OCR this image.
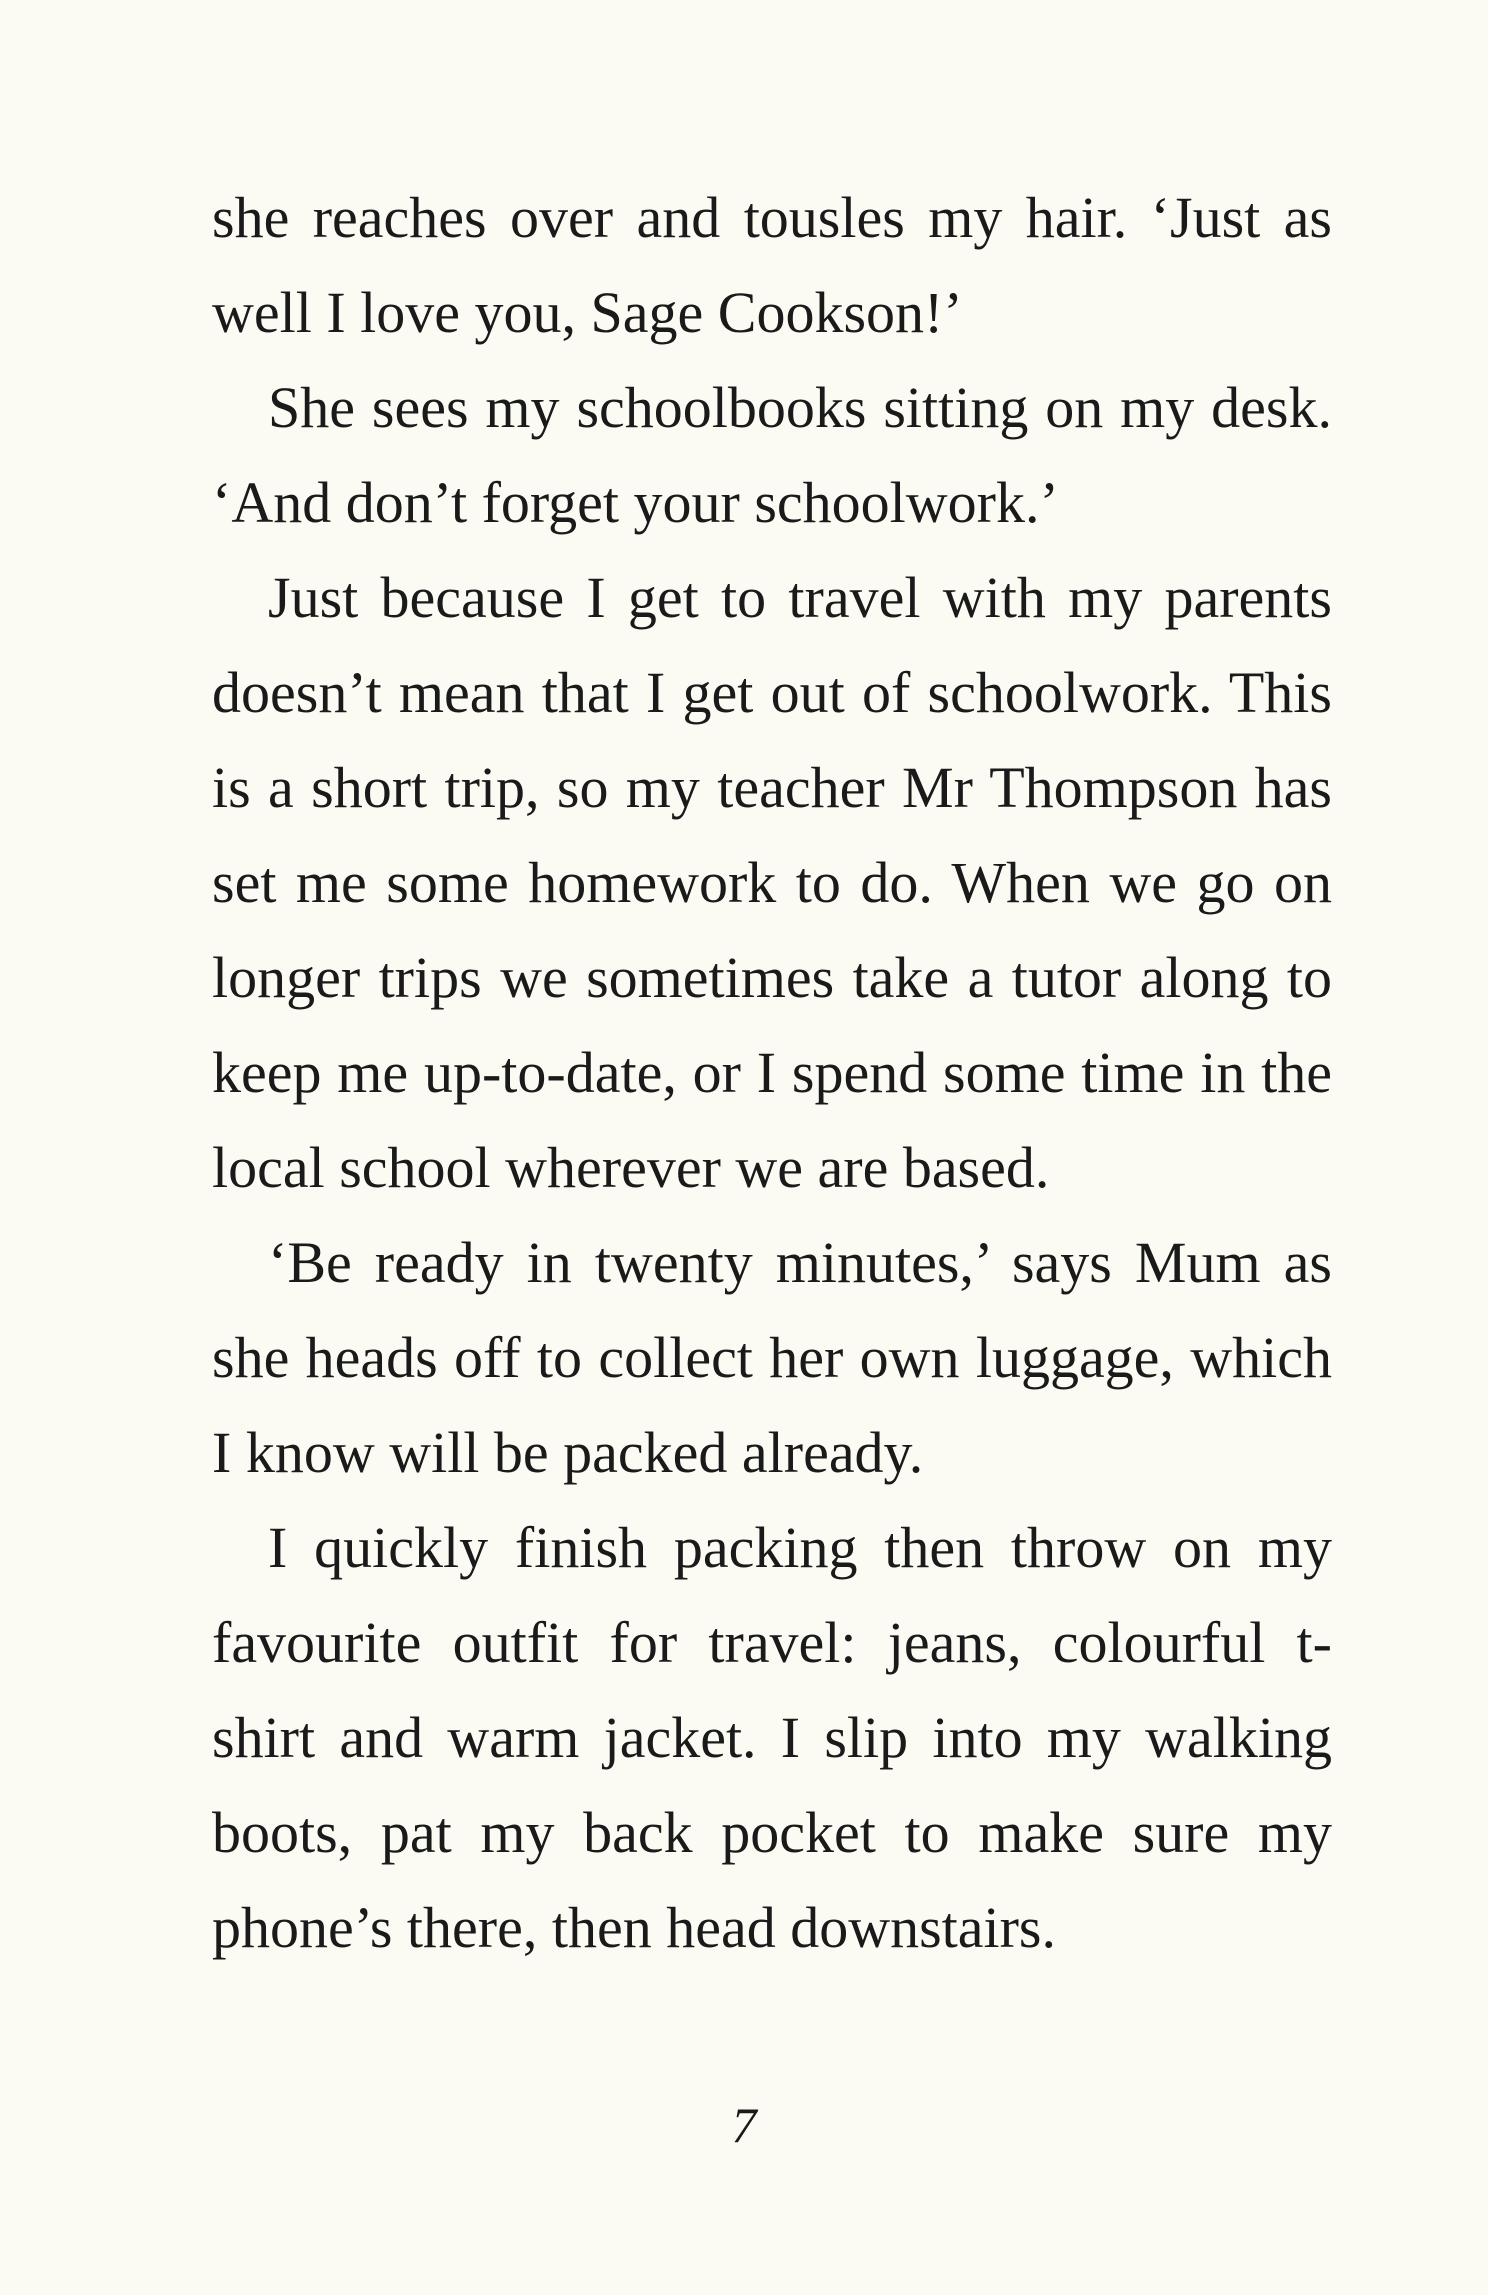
she reaches over and tousles my hair. ‘Just as well I love you, Sage Cookson!’

She sees my schoolbooks sitting on my desk. ‘And don’t forget your schoolwork.’

Just because I get to travel with my parents doesn’t mean that I get out of schoolwork. This is a short trip, so my teacher Mr Thompson has set me some homework to do. When we go on longer trips we sometimes take a tutor along to keep me up-to-date, or I spend some time in the local school wherever we are based.

‘Be ready in twenty minutes,’ says Mum as she heads off to collect her own luggage, which I know will be packed already.

I quickly finish packing then throw on my favourite outfit for travel: jeans, colourful t-shirt and warm jacket. I slip into my walking boots, pat my back pocket to make sure my phone’s there, then head downstairs.

7
